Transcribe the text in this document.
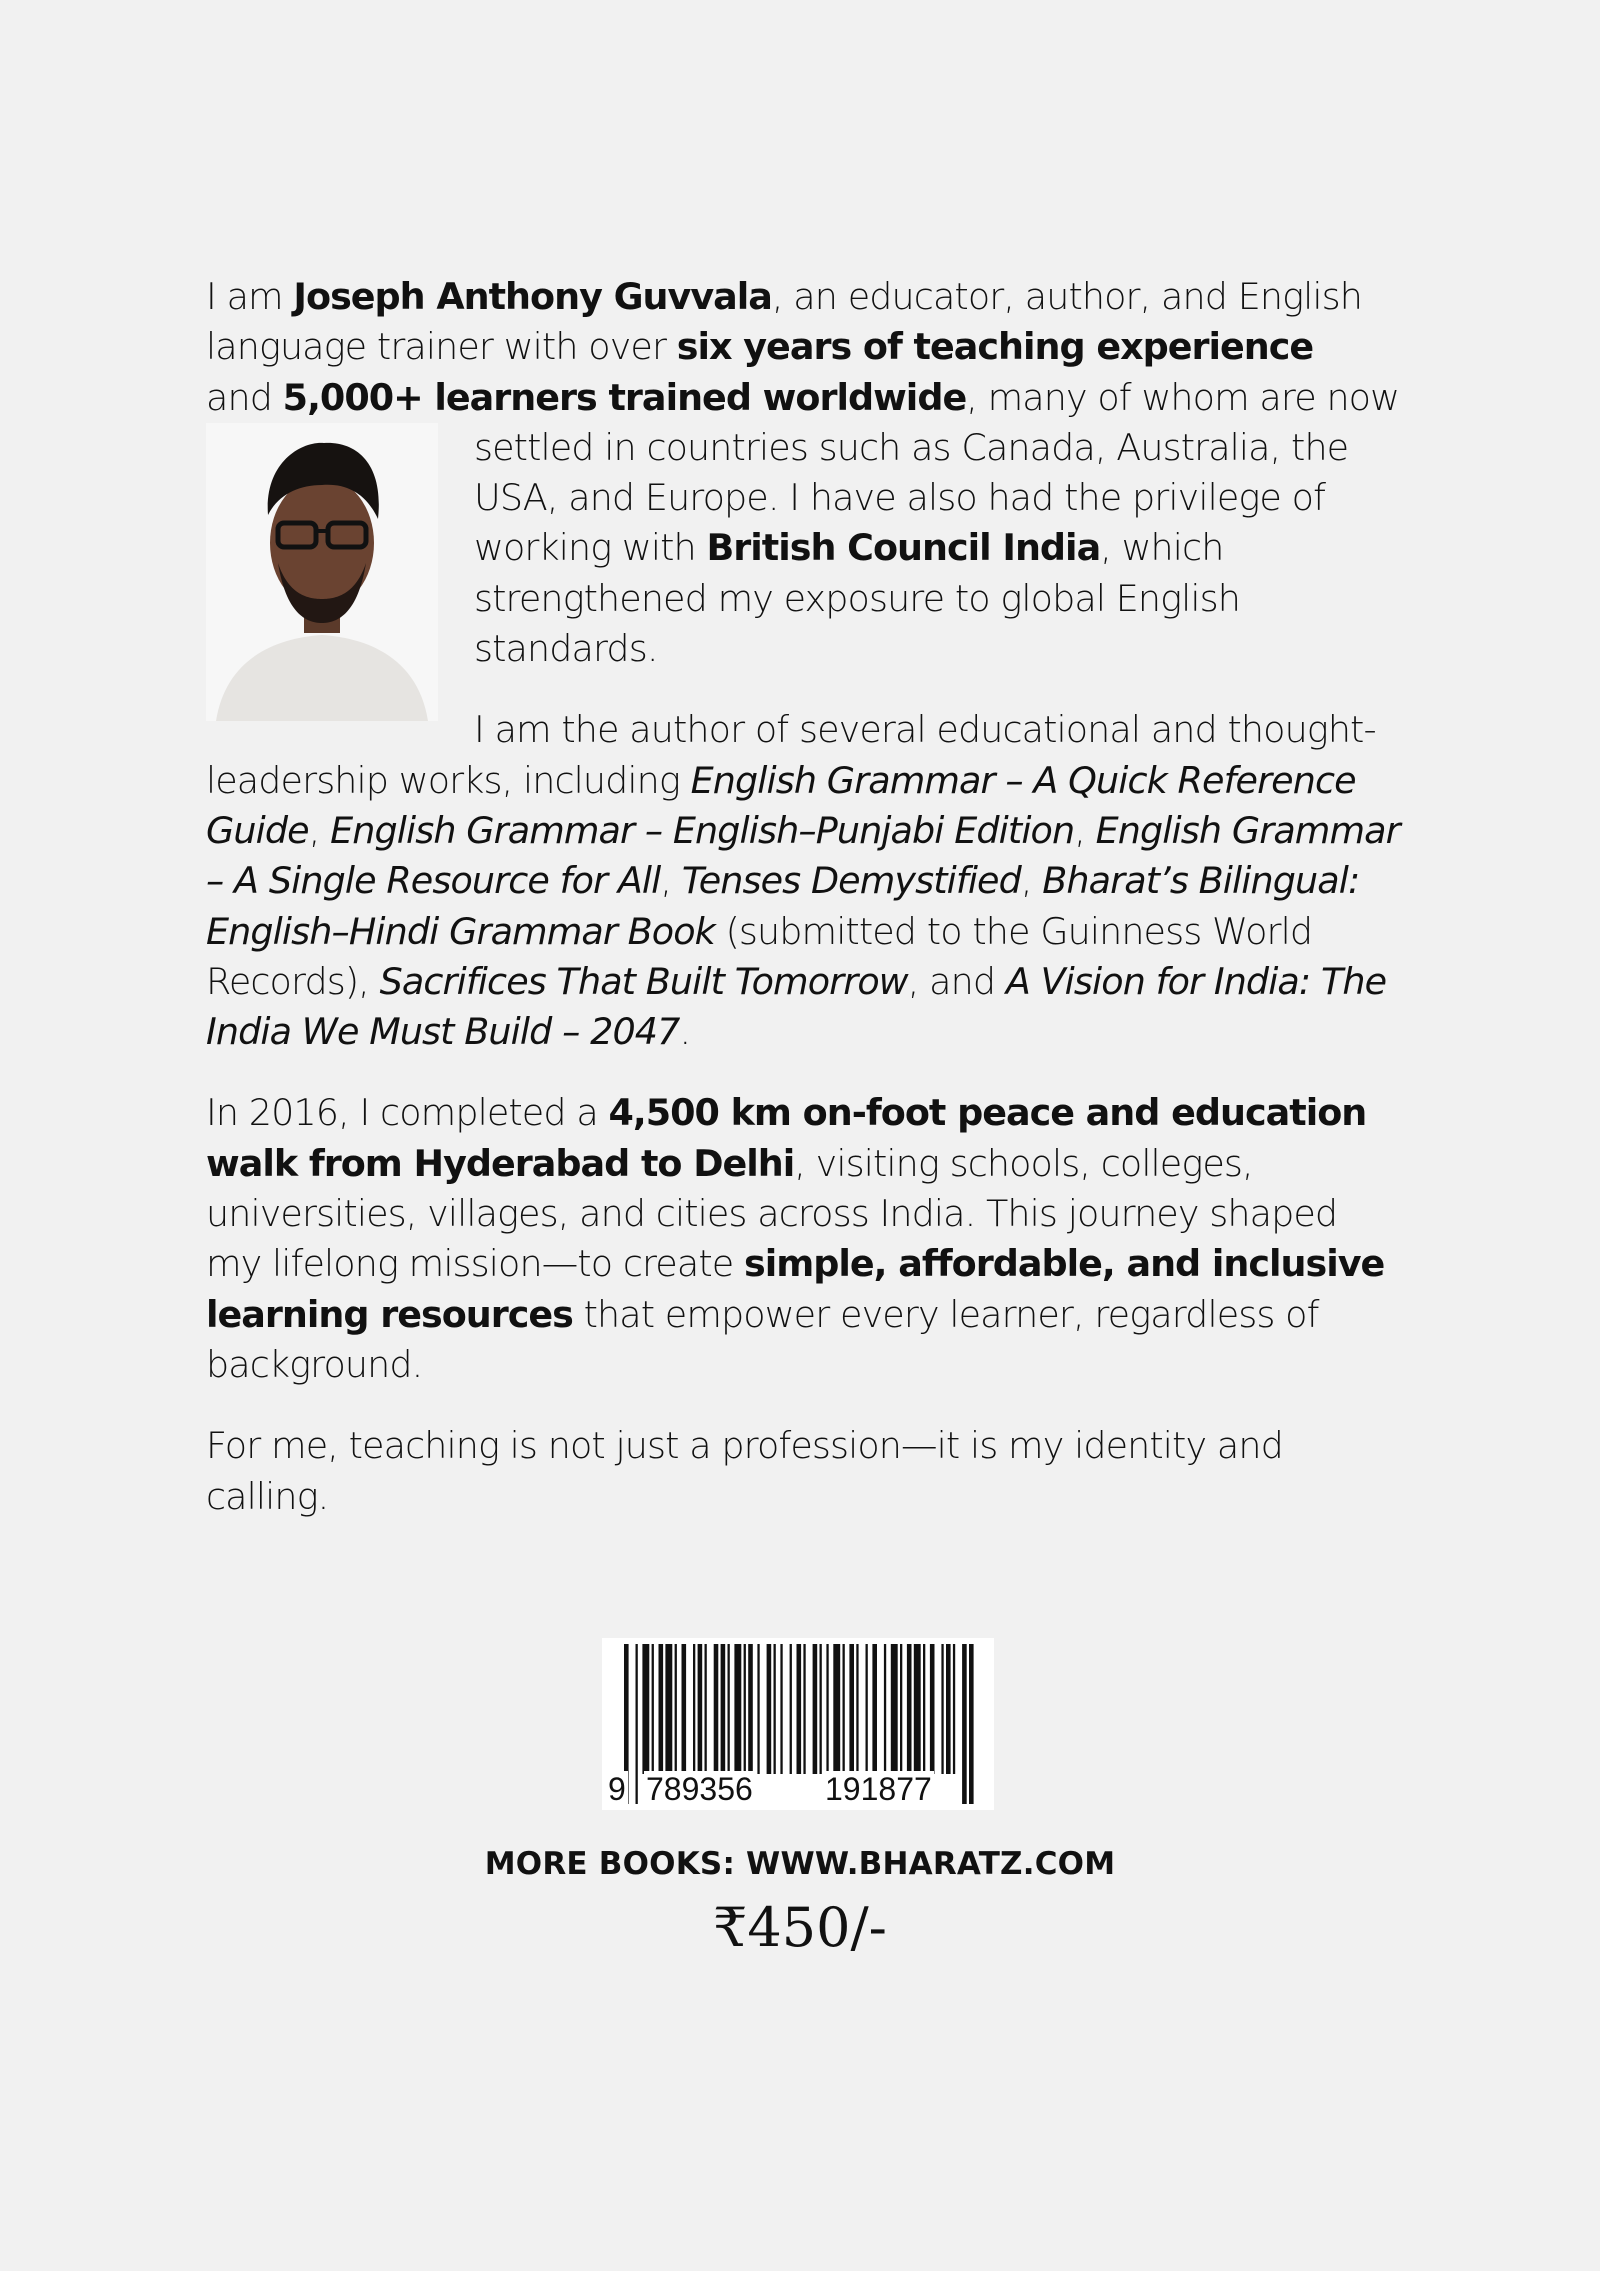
I am Joseph Anthony Guvvala, an educator, author, and English language trainer with over six years of teaching experience
and 5,000+ learners trained worldwide, many of whom are now

settled in countries such as Canada, Australia, the USA, and Europe. I have also had the privilege of working with British Council India, which strengthened my exposure to global English standards.

I am the author of several educational and thought-leadership works, including English Grammar – A Quick Reference Guide, English Grammar – English–Punjabi Edition, English Grammar – A Single Resource for All, Tenses Demystified, Bharat’s Bilingual: English–Hindi Grammar Book (submitted to the Guinness World Records), Sacrifices That Built Tomorrow, and A Vision for India: The India We Must Build – 2047.

In 2016, I completed a 4,500 km on-foot peace and education walk from Hyderabad to Delhi, visiting schools, colleges, universities, villages, and cities across India. This journey shaped my lifelong mission—to create simple, affordable, and inclusive learning resources that empower every learner, regardless of background.

For me, teaching is not just a profession—it is my identity and calling.

9 789356 191877
MORE BOOKS: WWW.BHARATZ.COM
₹450/-
